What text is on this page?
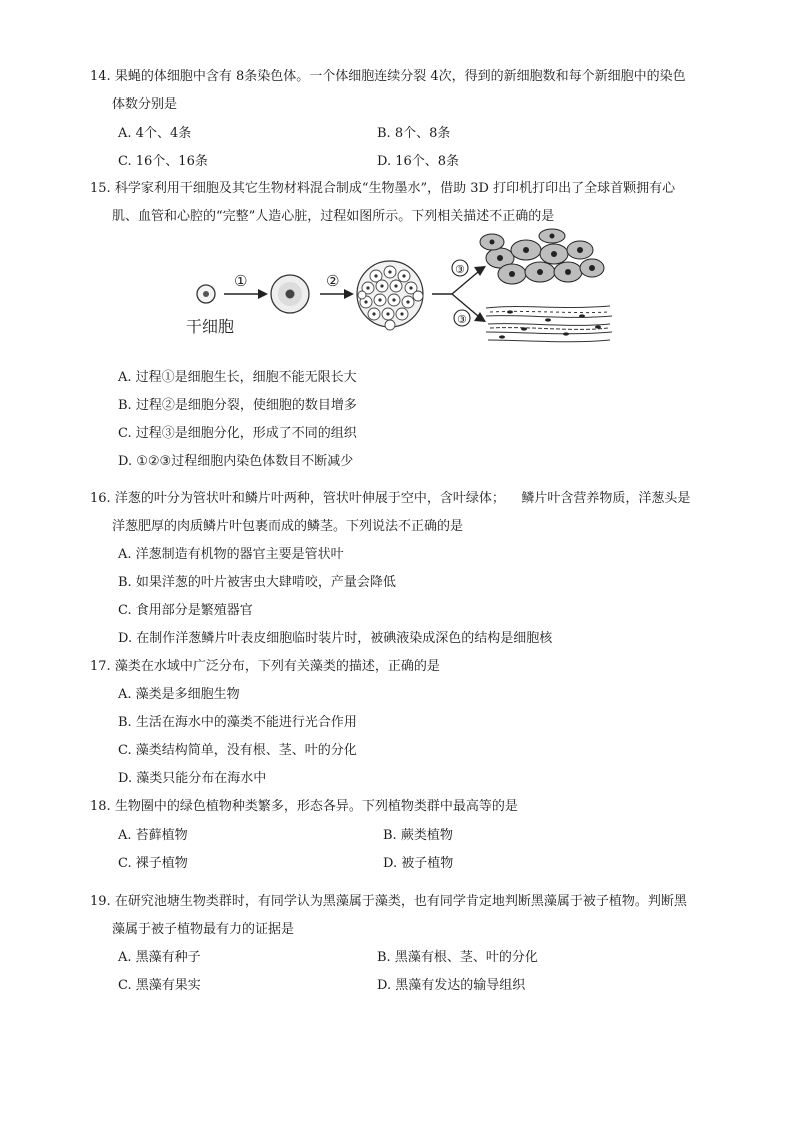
14. 果蝇的体细胞中含有 8条染色体。一个体细胞连续分裂 4次，得到的新细胞数和每个新细胞中的染色
体数分别是
A. 4个、4条	B. 8个、8条
C. 16个、16条	D. 16个、8条
15. 科学家利用干细胞及其它生物材料混合制成“生物墨水”，借助 3D 打印机打印出了全球首颗拥有心
肌、血管和心腔的“完整”人造心脏，过程如图所示。下列相关描述不正确的是
干细胞
①	②
③
③
A. 过程①是细胞生长，细胞不能无限长大
B. 过程②是细胞分裂，使细胞的数目增多
C. 过程③是细胞分化，形成了不同的组织
D. ①②③过程细胞内染色体数目不断减少
16. 洋葱的叶分为管状叶和鳞片叶两种，管状叶伸展于空中，含叶绿体；    鳞片叶含营养物质，洋葱头是
洋葱肥厚的肉质鳞片叶包裹而成的鳞茎。下列说法不正确的是
A. 洋葱制造有机物的器官主要是管状叶
B. 如果洋葱的叶片被害虫大肆啃咬，产量会降低
C. 食用部分是繁殖器官
D. 在制作洋葱鳞片叶表皮细胞临时装片时，被碘液染成深色的结构是细胞核
17. 藻类在水域中广泛分布，下列有关藻类的描述，正确的是
A. 藻类是多细胞生物
B. 生活在海水中的藻类不能进行光合作用
C. 藻类结构简单，没有根、茎、叶的分化
D. 藻类只能分布在海水中
18. 生物圈中的绿色植物种类繁多，形态各异。下列植物类群中最高等的是
A. 苔藓植物	B. 蕨类植物
C. 裸子植物	D. 被子植物
19. 在研究池塘生物类群时，有同学认为黑藻属于藻类，也有同学肯定地判断黑藻属于被子植物。判断黑
藻属于被子植物最有力的证据是
A. 黑藻有种子	B. 黑藻有根、茎、叶的分化
C. 黑藻有果实	D. 黑藻有发达的输导组织
